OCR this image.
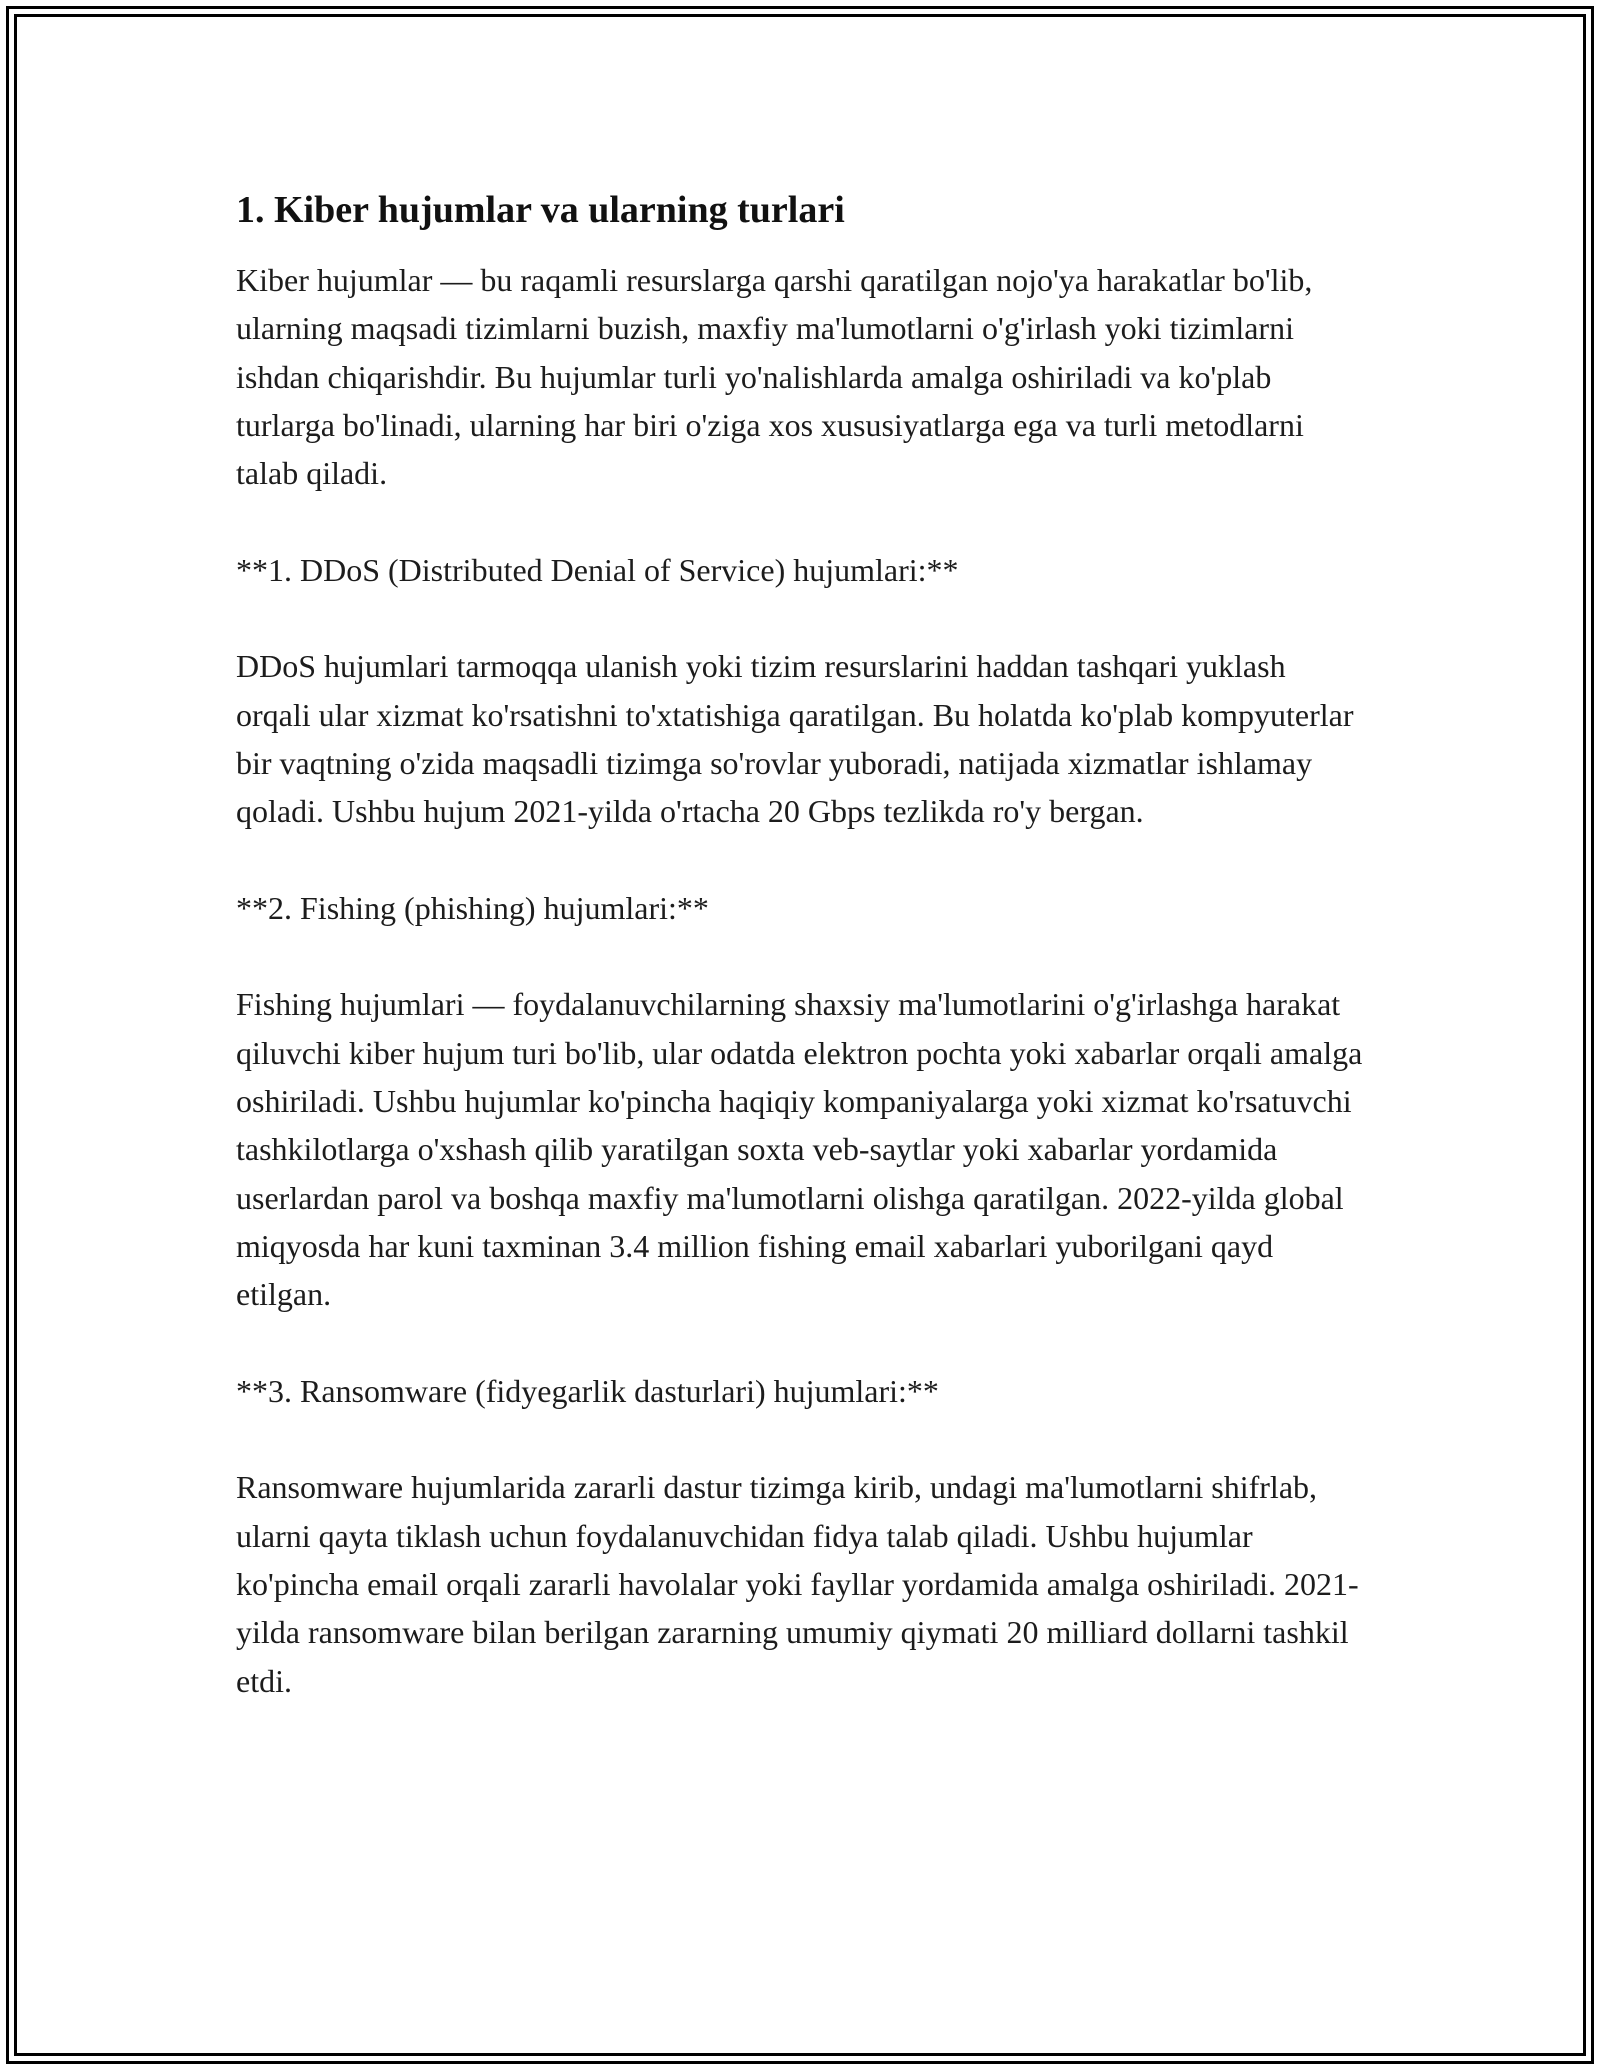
1. Kiber hujumlar va ularning turlari

Kiber hujumlar — bu raqamli resurslarga qarshi qaratilgan nojo'ya harakatlar bo'lib, ularning maqsadi tizimlarni buzish, maxfiy ma'lumotlarni o'g'irlash yoki tizimlarni ishdan chiqarishdir. Bu hujumlar turli yo'nalishlarda amalga oshiriladi va ko'plab turlarga bo'linadi, ularning har biri o'ziga xos xususiyatlarga ega va turli metodlarni talab qiladi.

**1. DDoS (Distributed Denial of Service) hujumlari:**

DDoS hujumlari tarmoqqa ulanish yoki tizim resurslarini haddan tashqari yuklash orqali ular xizmat ko'rsatishni to'xtatishiga qaratilgan. Bu holatda ko'plab kompyuterlar bir vaqtning o'zida maqsadli tizimga so'rovlar yuboradi, natijada xizmatlar ishlamay qoladi. Ushbu hujum 2021-yilda o'rtacha 20 Gbps tezlikda ro'y bergan.

**2. Fishing (phishing) hujumlari:**

Fishing hujumlari — foydalanuvchilarning shaxsiy ma'lumotlarini o'g'irlashga harakat qiluvchi kiber hujum turi bo'lib, ular odatda elektron pochta yoki xabarlar orqali amalga oshiriladi. Ushbu hujumlar ko'pincha haqiqiy kompaniyalarga yoki xizmat ko'rsatuvchi tashkilotlarga o'xshash qilib yaratilgan soxta veb-saytlar yoki xabarlar yordamida userlardan parol va boshqa maxfiy ma'lumotlarni olishga qaratilgan. 2022-yilda global miqyosda har kuni taxminan 3.4 million fishing email xabarlari yuborilgani qayd etilgan.

**3. Ransomware (fidyegarlik dasturlari) hujumlari:**

Ransomware hujumlarida zararli dastur tizimga kirib, undagi ma'lumotlarni shifrlab, ularni qayta tiklash uchun foydalanuvchidan fidya talab qiladi. Ushbu hujumlar ko'pincha email orqali zararli havolalar yoki fayllar yordamida amalga oshiriladi. 2021-yilda ransomware bilan berilgan zararning umumiy qiymati 20 milliard dollarni tashkil etdi.
